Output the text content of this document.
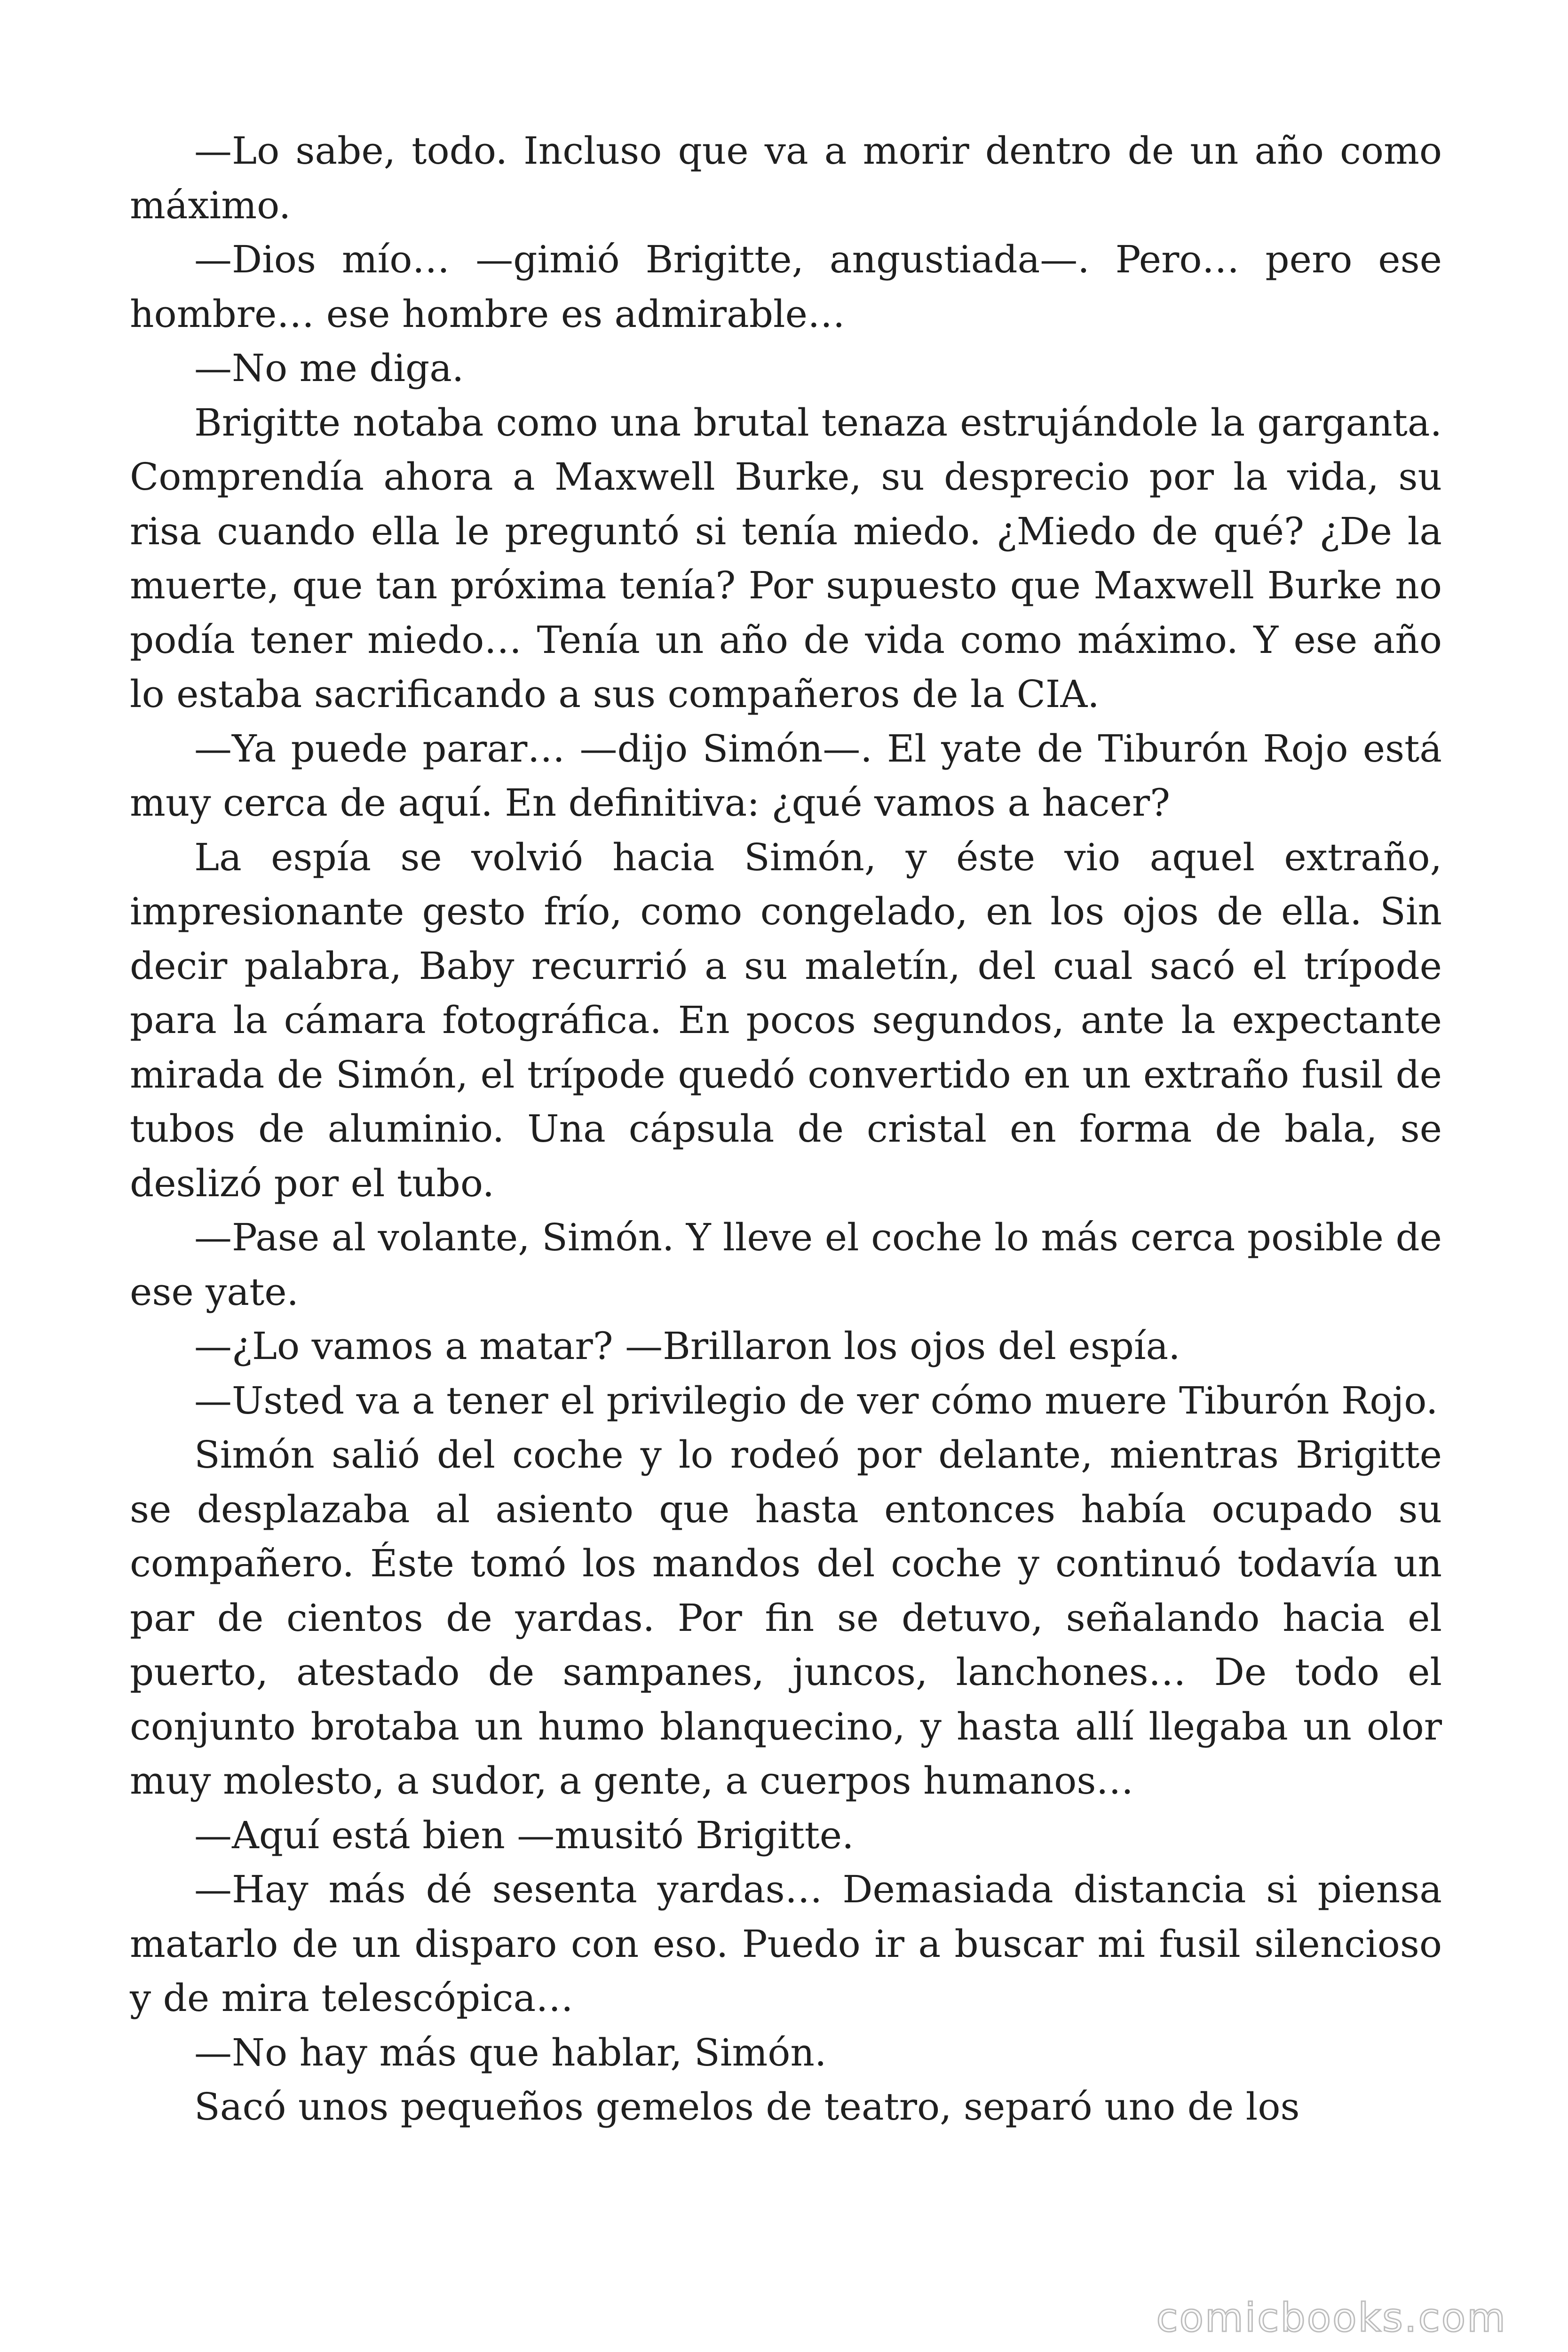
—Lo sabe, todo. Incluso que va a morir dentro de un año como máximo.

—Dios mío… —gimió Brigitte, angustiada—. Pero… pero ese hombre… ese hombre es admirable…

—No me diga.

Brigitte notaba como una brutal tenaza estrujándole la garganta. Comprendía ahora a Maxwell Burke, su desprecio por la vida, su risa cuando ella le preguntó si tenía miedo. ¿Miedo de qué? ¿De la muerte, que tan próxima tenía? Por supuesto que Maxwell Burke no podía tener miedo… Tenía un año de vida como máximo. Y ese año lo estaba sacrificando a sus compañeros de la CIA.

—Ya puede parar… —dijo Simón—. El yate de Tiburón Rojo está muy cerca de aquí. En definitiva: ¿qué vamos a hacer?

La espía se volvió hacia Simón, y éste vio aquel extraño, impresionante gesto frío, como congelado, en los ojos de ella. Sin decir palabra, Baby recurrió a su maletín, del cual sacó el trípode para la cámara fotográfica. En pocos segundos, ante la expectante mirada de Simón, el trípode quedó convertido en un extraño fusil de tubos de aluminio. Una cápsula de cristal en forma de bala, se deslizó por el tubo.

—Pase al volante, Simón. Y lleve el coche lo más cerca posible de ese yate.

—¿Lo vamos a matar? —Brillaron los ojos del espía.

—Usted va a tener el privilegio de ver cómo muere Tiburón Rojo.

Simón salió del coche y lo rodeó por delante, mientras Brigitte se desplazaba al asiento que hasta entonces había ocupado su compañero. Éste tomó los mandos del coche y continuó todavía un par de cientos de yardas. Por fin se detuvo, señalando hacia el puerto, atestado de sampanes, juncos, lanchones… De todo el conjunto brotaba un humo blanquecino, y hasta allí llegaba un olor muy molesto, a sudor, a gente, a cuerpos humanos…

—Aquí está bien —musitó Brigitte.

—Hay más dé sesenta yardas… Demasiada distancia si piensa matarlo de un disparo con eso. Puedo ir a buscar mi fusil silencioso y de mira telescópica…

—No hay más que hablar, Simón.

Sacó unos pequeños gemelos de teatro, separó uno de los

comicbooks.com
